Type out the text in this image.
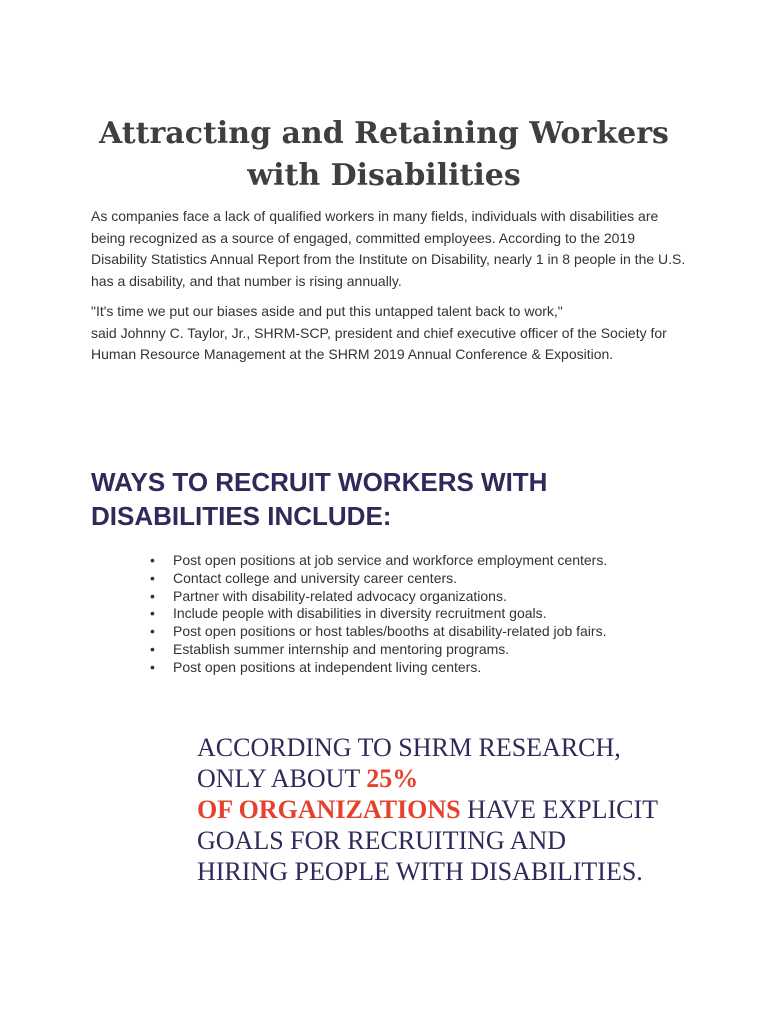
Attracting and Retaining Workers
with Disabilities

As companies face a lack of qualified workers in many fields, individuals with disabilities are being recognized as a source of engaged, committed employees. According to the 2019 Disability Statistics Annual Report from the Institute on Disability, nearly 1 in 8 people in the U.S. has a disability, and that number is rising annually.

"It's time we put our biases aside and put this untapped talent back to work,"
said Johnny C. Taylor, Jr., SHRM-SCP, president and chief executive officer of the Society for Human Resource Management at the SHRM 2019 Annual Conference & Exposition.

WAYS TO RECRUIT WORKERS WITH
DISABILITIES INCLUDE:
• Post open positions at job service and workforce employment centers.
• Contact college and university career centers.
• Partner with disability-related advocacy organizations.
• Include people with disabilities in diversity recruitment goals.
• Post open positions or host tables/booths at disability-related job fairs.
• Establish summer internship and mentoring programs.
• Post open positions at independent living centers.

ACCORDING TO SHRM RESEARCH,
ONLY ABOUT 25%
OF ORGANIZATIONS HAVE EXPLICIT
GOALS FOR RECRUITING AND
HIRING PEOPLE WITH DISABILITIES.
